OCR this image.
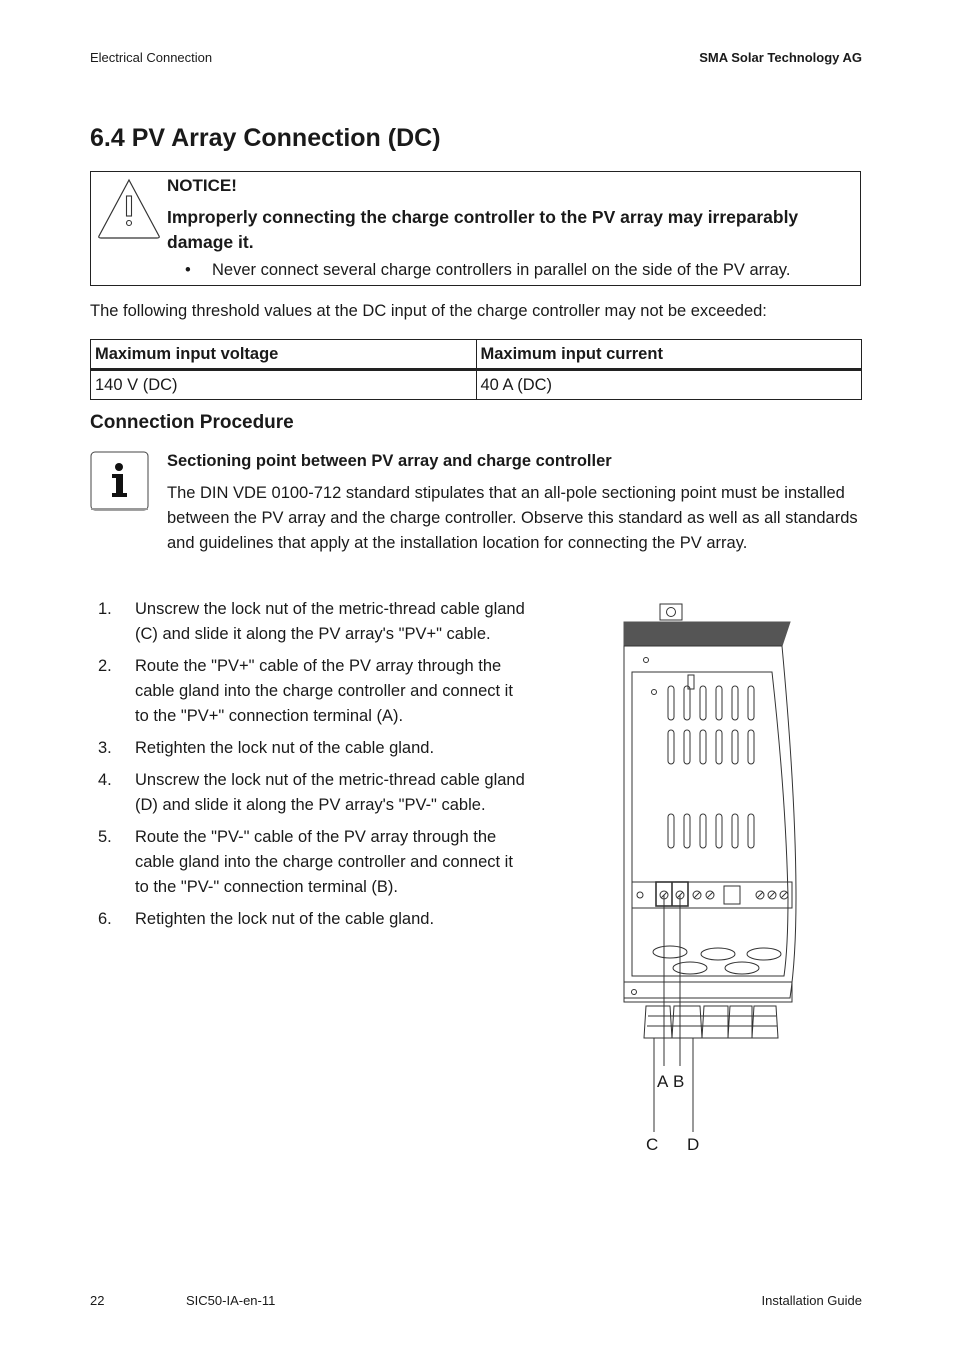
Electrical Connection	SMA Solar Technology AG
6.4 PV Array Connection (DC)
NOTICE!
Improperly connecting the charge controller to the PV array may irreparably damage it.
• Never connect several charge controllers in parallel on the side of the PV array.
The following threshold values at the DC input of the charge controller may not be exceeded:
Maximum input voltage	Maximum input current
140 V (DC)	40 A (DC)
Connection Procedure
Sectioning point between PV array and charge controller
The DIN VDE 0100-712 standard stipulates that an all-pole sectioning point must be installed between the PV array and the charge controller. Observe this standard as well as all standards and guidelines that apply at the installation location for connecting the PV array.
1. Unscrew the lock nut of the metric-thread cable gland (C) and slide it along the PV array's "PV+" cable.
2. Route the "PV+" cable of the PV array through the cable gland into the charge controller and connect it to the "PV+" connection terminal (A).
3. Retighten the lock nut of the cable gland.
4. Unscrew the lock nut of the metric-thread cable gland (D) and slide it along the PV array's "PV-" cable.
5. Route the "PV-" cable of the PV array through the cable gland into the charge controller and connect it to the "PV-" connection terminal (B).
6. Retighten the lock nut of the cable gland.
A B
C D
22	SIC50-IA-en-11	Installation Guide
